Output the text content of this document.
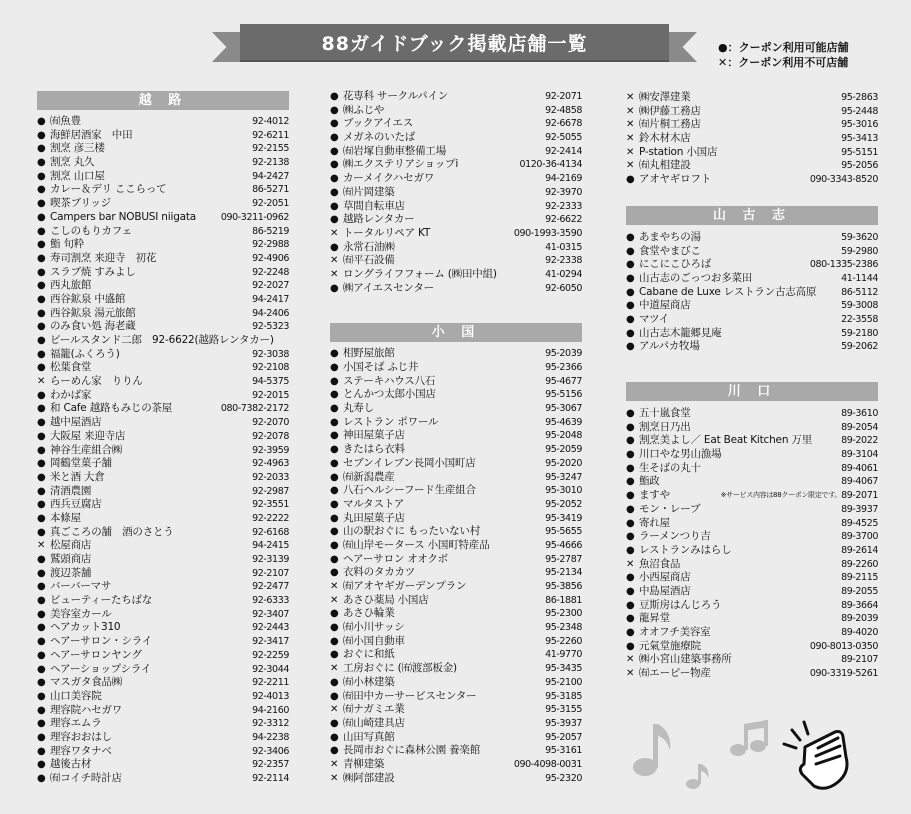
88ガイドブック掲載店舗一覧	●：クーポン利用可能店舗
✕：クーポン利用不可店舗
越 路
●
㈲魚豊	92-4012
●
海鮮居酒家　中田	92-6211
●
割烹 彦三楼	92-2155
●
割烹 丸久	92-2138
●
割烹 山口屋	94-2427
●
カレー＆デリ ここらって	86-5271
●
喫茶ブリッジ	92-2051
●
Campers bar NOBUSI niigata	090-3211-0962
●
こしのもりカフェ	86-5219
●
鮨 旬粋	92-2988
●
寿司割烹 来迎寺　初花	92-4906
●
スラブ焼 すみよし	92-2248
●
西丸旅館	92-2027
●
西谷鉱泉 中盛館	94-2417
●
西谷鉱泉 湯元旅館	94-2406
●
のみ食い処 海老蔵	92-5323
●
ビールスタンド二郎　92-6622(越路レンタカー)
●
福籠(ふくろう)	92-3038
●
松葉食堂	92-2108
✕
らーめん家　りりん	94-5375
●
わかば家	92-2015
●
和 Cafe 越路もみじの茶屋	080-7382-2172
●
越中屋酒店	92-2070
●
大阪屋 来迎寺店	92-2078
●
神谷生産組合㈱	92-3959
●
岡鶴堂菓子舗	92-4963
●
米と酒 大倉	92-2033
●
清酒農園	92-2987
●
西兵豆腐店	92-3551
●
本條屋	92-2222
●
真ごころの舗　酒のさとう	92-6168
✕
松屋商店	94-2415
●
鷲頭商店	92-3139
●
渡辺茶舗	92-2107
●
バーバーマサ	92-2477
●
ビューティーたちばな	92-6333
●
美容室カール	92-3407
●
ヘアカット310	92-2443
●
ヘアーサロン・シライ	92-3417
●
ヘアーサロンヤング	92-2259
●
ヘアーショップシライ	92-3044
●
マスガタ食品㈱	92-2211
●
山口美容院	92-4013
●
理容院ハセガワ	94-2160
●
理容エムラ	92-3312
●
理容おおはし	94-2238
●
理容ワタナベ	92-3406
●
越後古材	92-2357
●
㈲コイチ時計店	92-2114
●
花専科 サークルパイン	92-2071
●
㈱ふじや	92-4858
●
ブックアイエス	92-6678
●
メガネのいたば	92-5055
●
㈲岩塚自動車整備工場	92-2414
●
㈱エクステリアショップi	0120-36-4134
●
カーメイクハセガワ	94-2169
●
㈲片岡建築	92-3970
●
草間自転車店	92-2333
●
越路レンタカー	92-6622
✕
トータルリペア KT	090-1993-3590
●
永常石油㈱	41-0315
✕
㈲平石設備	92-2338
✕
ロングライフフォーム (㈱田中組)	41-0294
●
㈱アイエスセンター	92-6050
小 国
●
相野屋旅館	95-2039
●
小国そば ふじ井	95-2366
●
ステーキハウス八石	95-4677
●
とんかつ太郎小国店	95-5156
●
丸寿し	95-3067
●
レストラン ポワール	95-4639
●
神田屋菓子店	95-2048
●
きたはら衣料	95-2059
●
セブンイレブン長岡小国町店	95-2020
●
㈲新潟農産	95-3247
●
八石ヘルシーフード生産組合	95-3010
●
マルタストア	95-2052
●
丸田屋菓子店	95-3419
●
山の駅おぐに もったいない村	95-5655
●
㈲山岸モータース 小国町特産品	95-4666
●
ヘアーサロン オオクボ	95-2787
●
衣料のタカカツ	95-2134
✕
㈲アオヤギガーデンプラン	95-3856
✕
あさひ薬局 小国店	86-1881
●
あさひ輪業	95-2300
●
㈲小川サッシ	95-2348
●
㈲小国自動車	95-2260
●
おぐに和紙	41-9770
✕
工房おぐに (㈲渡部板金)	95-3435
●
㈲小林建築	95-2100
●
㈲田中カーサービスセンター	95-3185
✕
㈲ナガミエ業	95-3155
●
㈲山崎建具店	95-3937
●
山田写真館	95-2057
●
長岡市おぐに森林公園 養楽館	95-3161
✕
青柳建築	090-4098-0031
✕
㈱阿部建設	95-2320
✕
㈱安澤建業	95-2863
✕
㈱伊藤工務店	95-2448
✕
㈲片桐工務店	95-3016
✕
鈴木材木店	95-3413
✕
P-station 小国店	95-5151
✕
㈲丸相建設	95-2056
●
アオヤギロフト	090-3343-8520
山 古 志
●
あまやちの湯	59-3620
●
食堂やまびこ	59-2980
●
にこにこひろば	080-1335-2386
●
山古志のごっつお多菜田	41-1144
●
Cabane de Luxe レストラン古志高原	86-5112
●
中道屋商店	59-3008
●
マツイ	22-3558
●
山古志木籠郷見庵	59-2180
●
アルパカ牧場	59-2062
川 口
●
五十嵐食堂	89-3610
●
割烹日乃出	89-2054
●
割烹美よし／ Eat Beat Kitchen 万里	89-2022
●
川口やな男山漁場	89-3104
●
生そばの丸十	89-4061
●
鮨政	89-4067
●
ますや	※サービス内容は88クーポン限定です。 89-2071
●
モン・レーブ	89-3937
●
寄れ屋	89-4525
●
ラーメンつり吉	89-3700
●
レストランみはらし	89-2614
✕
魚沼食品	89-2260
●
小西屋商店	89-2115
●
中島屋酒店	89-2055
●
豆斯房はんじろう	89-3664
●
龍昇堂	89-2039
●
オオフチ美容室	89-4020
●
元氣堂施療院	090-8013-0350
✕
㈱小宮山建築事務所	89-2107
✕
㈲エーピー物産	090-3319-5261
